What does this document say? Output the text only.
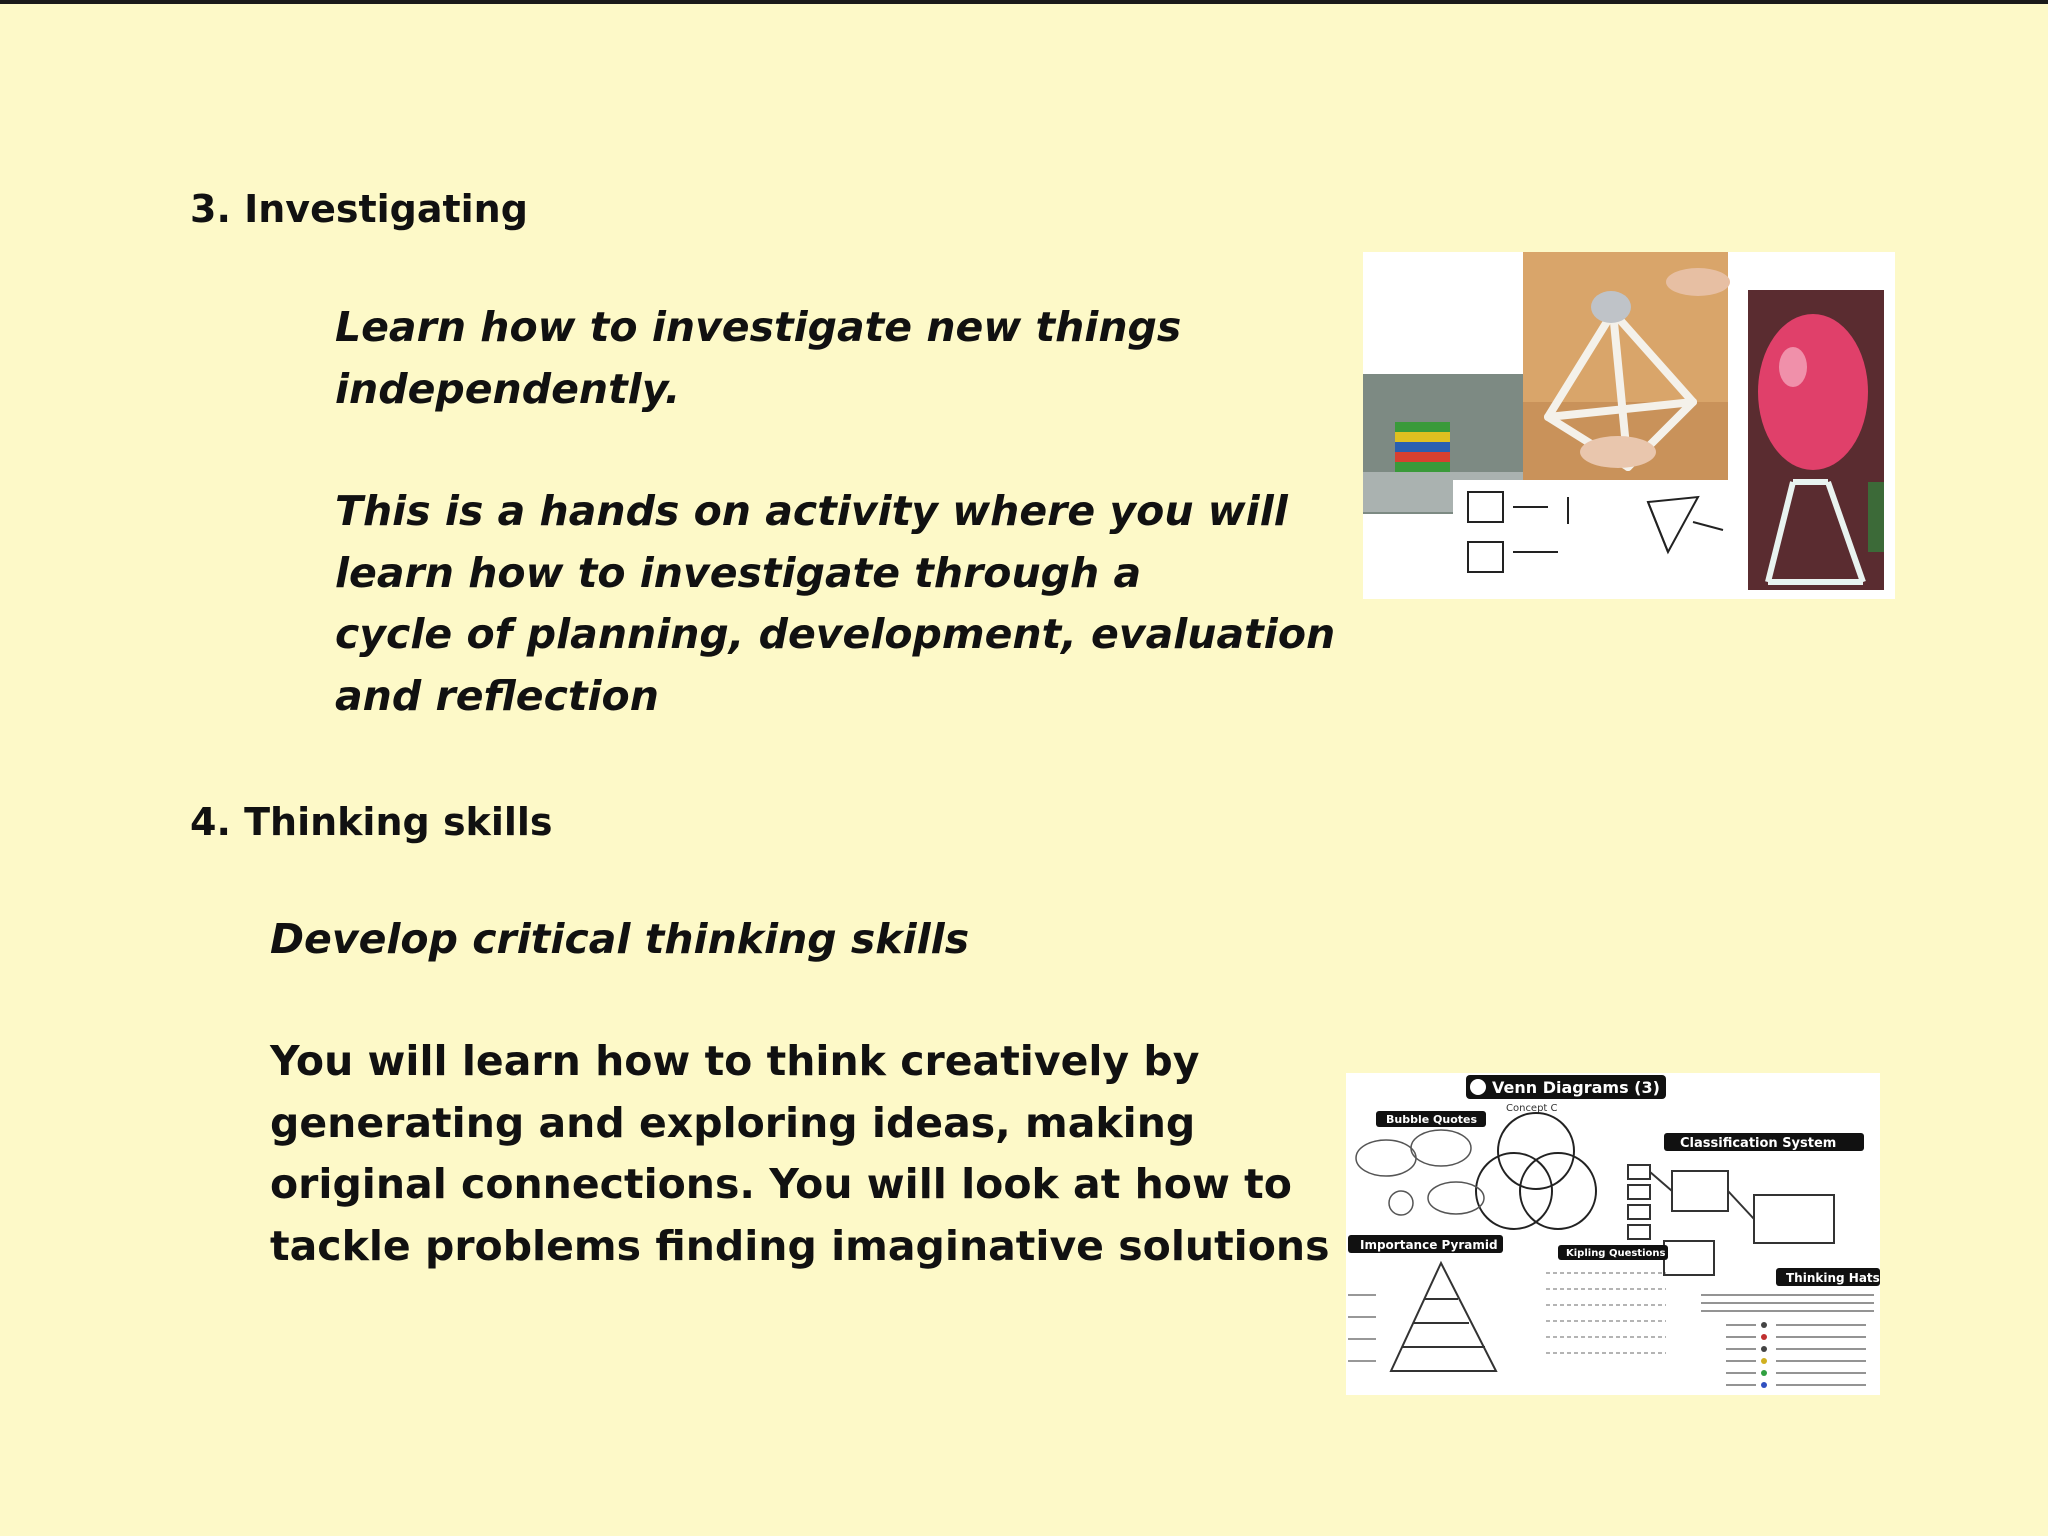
3. Investigating

Learn how to investigate new things

independently.

This is a hands on activity where you will

learn how to investigate through a

cycle of planning, development, evaluation

and reflection

4. Thinking skills

Develop critical thinking skills

You will learn how to think creatively by

generating and exploring ideas, making

original connections. You will look at how to

tackle problems finding imaginative solutions

Venn Diagrams (3)
Concept C
Bubble Quotes
Classification System
Importance Pyramid
Kipling Questions
Thinking Hats
